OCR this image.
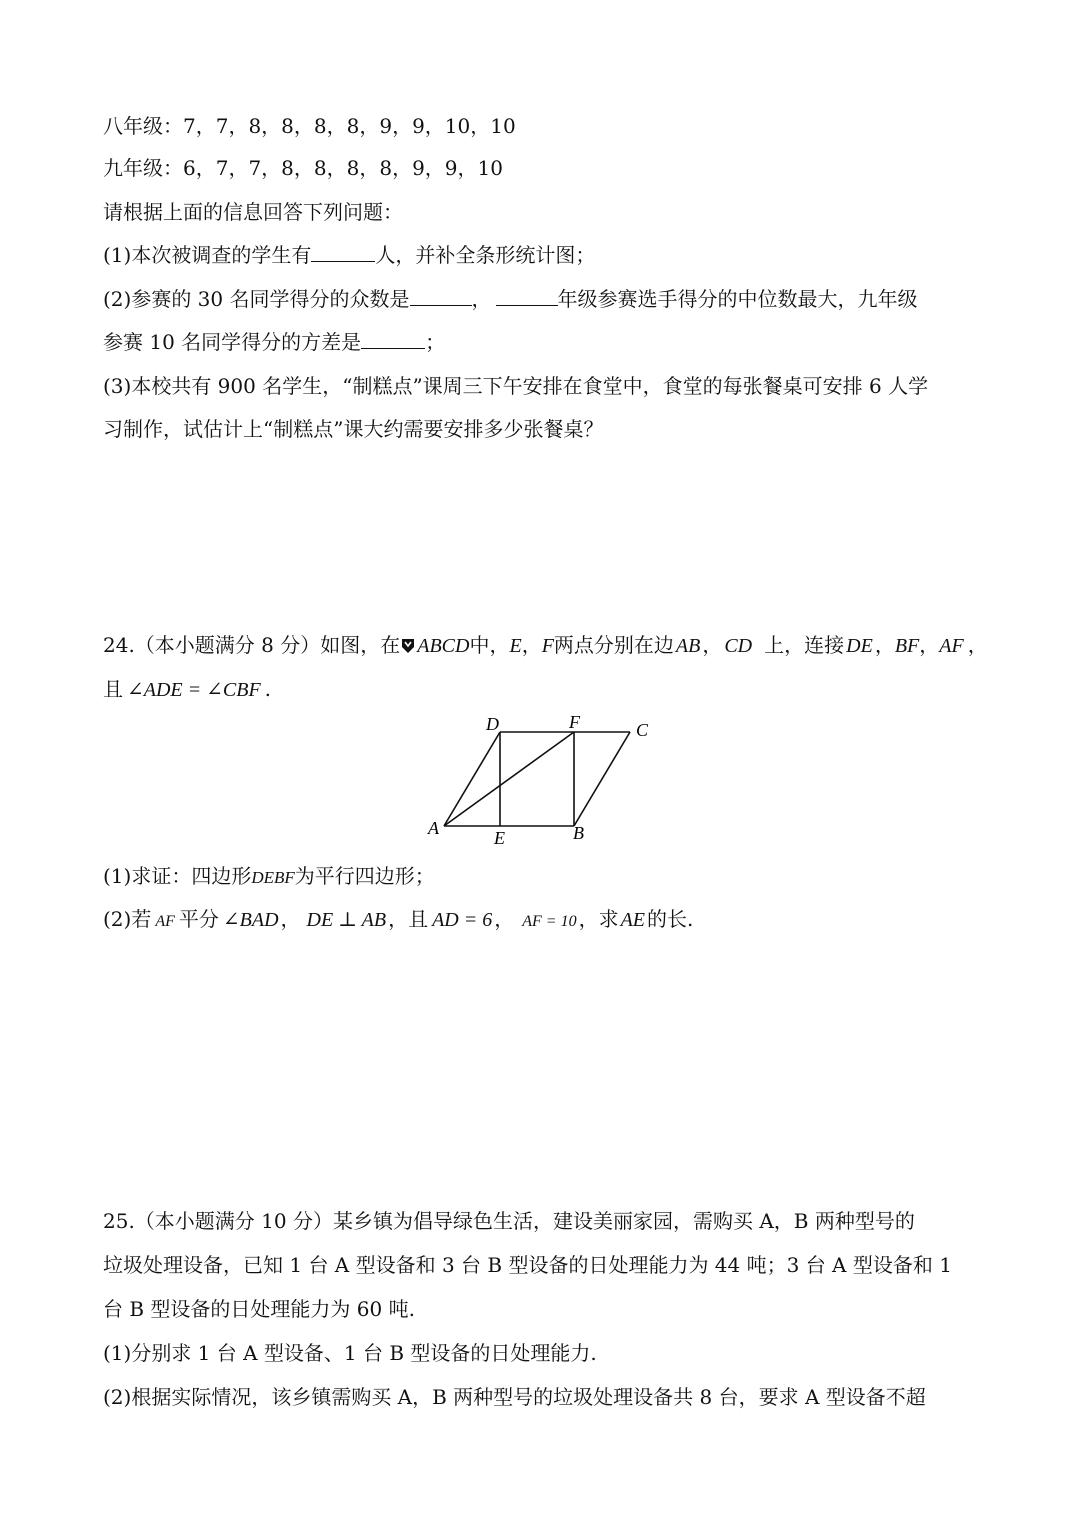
八年级：7，7，8，8，8，8，9，9，10，10
九年级：6，7，7，8，8，8，8，9，9，10
请根据上面的信息回答下列问题：
(1)本次被调查的学生有	人，并补全条形统计图；
(2)参赛的 30 名同学得分的众数是	，	年级参赛选手得分的中位数最大，九年级
参赛 10 名同学得分的方差是	；
(3)本校共有 900 名学生，“制糕点”课周三下午安排在食堂中，食堂的每张餐桌可安排 6 人学
习制作，试估计上“制糕点”课大约需要安排多少张餐桌？
24.（本小题满分 8 分）如图，在 ABCD中，E，F两点分别在边 AB ， CD 上，连接 DE ，BF，AF ，
且 ∠ADE = ∠CBF .
D	F	C
A	E	B
(1)求证：四边形DEBF为平行四边形；
(2)若 AF 平分 ∠BAD ， DE ⊥ AB ，且 AD = 6 ， AF = 10 ，求 AE 的长.
25.（本小题满分 10 分）某乡镇为倡导绿色生活，建设美丽家园，需购买 A，B 两种型号的
垃圾处理设备，已知 1 台 A 型设备和 3 台 B 型设备的日处理能力为 44 吨；3 台 A 型设备和 1
台 B 型设备的日处理能力为 60 吨.
(1)分别求 1 台 A 型设备、1 台 B 型设备的日处理能力.
(2)根据实际情况，该乡镇需购买 A，B 两种型号的垃圾处理设备共 8 台，要求 A 型设备不超
